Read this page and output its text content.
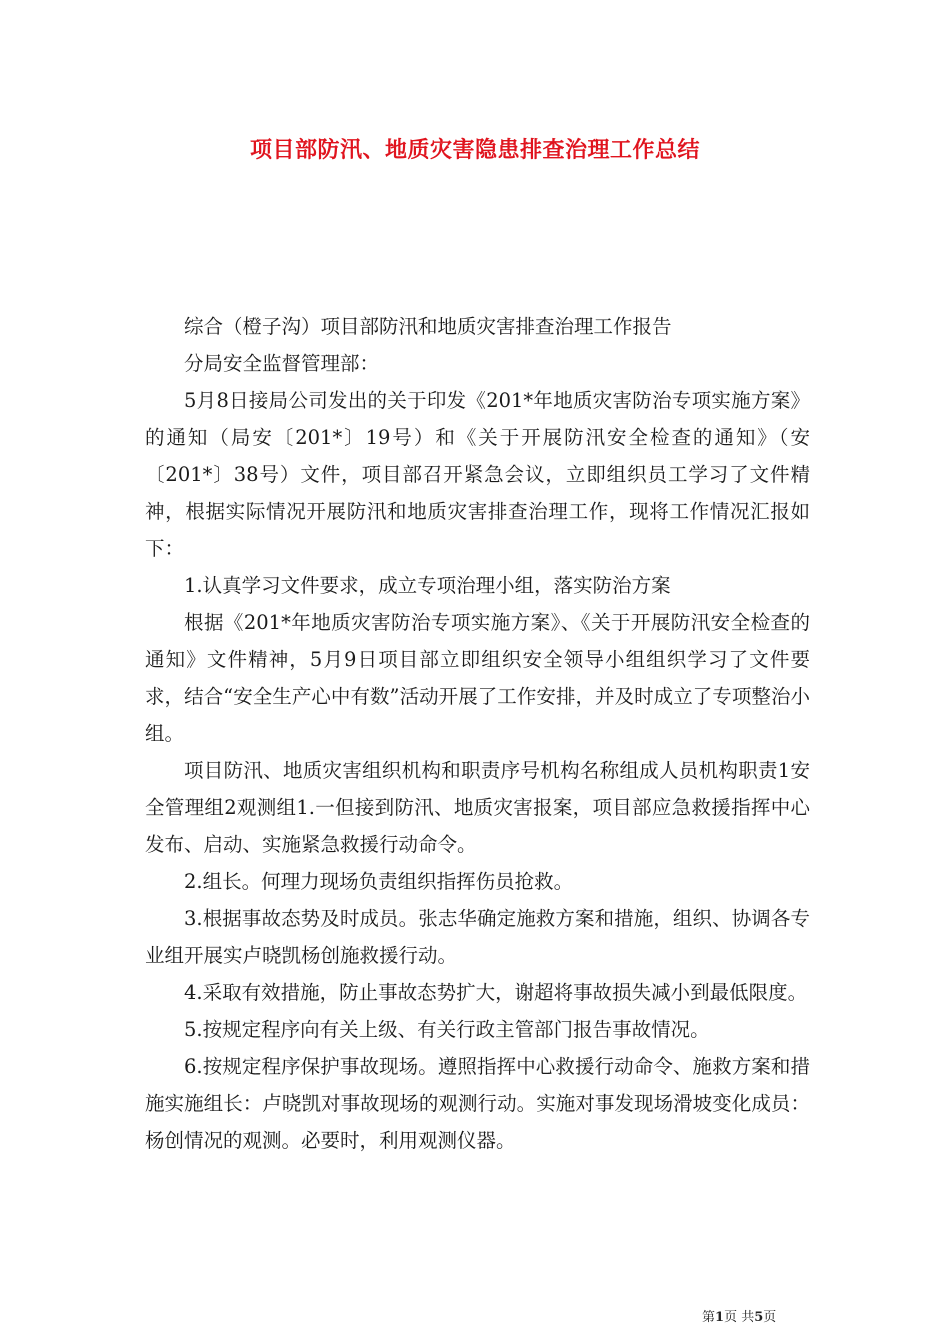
项目部防汛、地质灾害隐患排查治理工作总结

综合（橙子沟）项目部防汛和地质灾害排查治理工作报告

分局安全监督管理部：

5月8日接局公司发出的关于印发《201*年地质灾害防治专项实施方案》的通知（局安〔201*〕19号）和《关于开展防汛安全检查的通知》（安〔201*〕38号）文件，项目部召开紧急会议，立即组织员工学习了文件精神，根据实际情况开展防汛和地质灾害排查治理工作，现将工作情况汇报如下：

1.认真学习文件要求，成立专项治理小组，落实防治方案

根据《201*年地质灾害防治专项实施方案》、《关于开展防汛安全检查的通知》文件精神，5月9日项目部立即组织安全领导小组组织学习了文件要求，结合“安全生产心中有数”活动开展了工作安排，并及时成立了专项整治小组。

项目防汛、地质灾害组织机构和职责序号机构名称组成人员机构职责1安全管理组2观测组1.一但接到防汛、地质灾害报案，项目部应急救援指挥中心发布、启动、实施紧急救援行动命令。

2.组长。何理力现场负责组织指挥伤员抢救。

3.根据事故态势及时成员。张志华确定施救方案和措施，组织、协调各专业组开展实卢晓凯杨创施救援行动。

4.采取有效措施，防止事故态势扩大，谢超将事故损失减小到最低限度。

5.按规定程序向有关上级、有关行政主管部门报告事故情况。

6.按规定程序保护事故现场。遵照指挥中心救援行动命令、施救方案和措施实施组长：卢晓凯对事故现场的观测行动。实施对事发现场滑坡变化成员：杨创情况的观测。必要时，利用观测仪器。

第1页 共5页
